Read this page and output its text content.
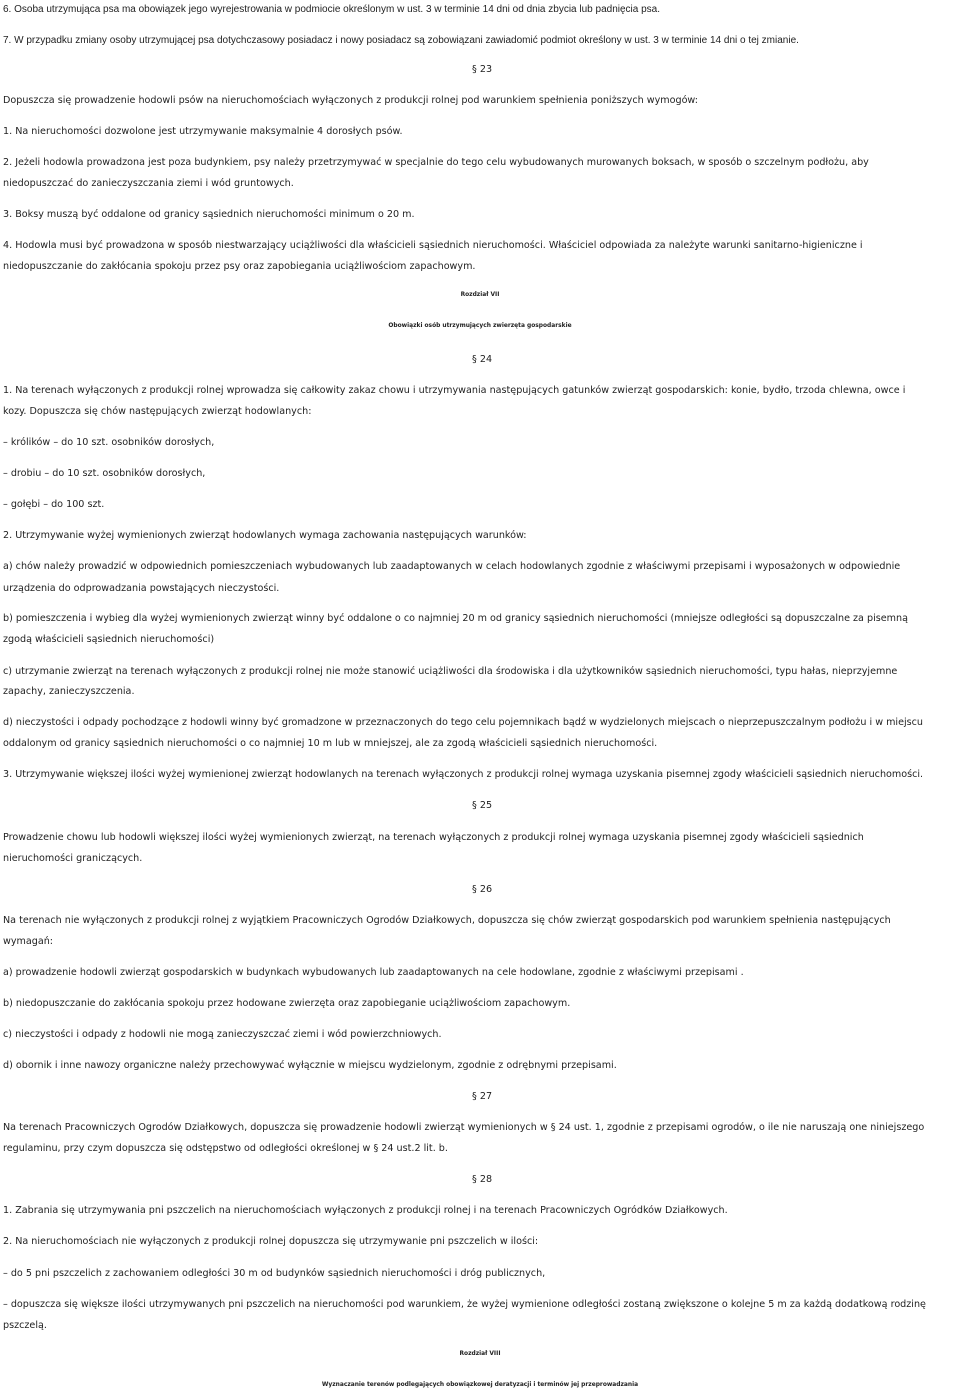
6. Osoba utrzymująca psa ma obowiązek jego wyrejestrowania w podmiocie określonym w ust. 3 w terminie 14 dni od dnia zbycia lub padnięcia psa.
7. W przypadku zmiany osoby utrzymującej psa dotychczasowy posiadacz i nowy posiadacz są zobowiązani zawiadomić podmiot określony w ust. 3 w terminie 14 dni o tej zmianie.
§ 23
Dopuszcza się prowadzenie hodowli psów na nieruchomościach wyłączonych z produkcji rolnej pod warunkiem spełnienia poniższych wymogów:
1. Na nieruchomości dozwolone jest utrzymywanie maksymalnie 4 dorosłych psów.
2. Jeżeli hodowla prowadzona jest poza budynkiem, psy należy przetrzymywać w specjalnie do tego celu wybudowanych murowanych boksach, w sposób o szczelnym podłożu, aby
niedopuszczać do zanieczyszczania ziemi i wód gruntowych.
3. Boksy muszą być oddalone od granicy sąsiednich nieruchomości minimum o 20 m.
4. Hodowla musi być prowadzona w sposób niestwarzający uciążliwości dla właścicieli sąsiednich nieruchomości. Właściciel odpowiada za należyte warunki sanitarno-higieniczne i
niedopuszczanie do zakłócania spokoju przez psy oraz zapobiegania uciążliwościom zapachowym.
Rozdział VII
Obowiązki osób utrzymujących zwierzęta gospodarskie
§ 24
1. Na terenach wyłączonych z produkcji rolnej wprowadza się całkowity zakaz chowu i utrzymywania następujących gatunków zwierząt gospodarskich: konie, bydło, trzoda chlewna, owce i
kozy. Dopuszcza się chów następujących zwierząt hodowlanych:
– królików – do 10 szt. osobników dorosłych,
– drobiu – do 10 szt. osobników dorosłych,
– gołębi – do 100 szt.
2. Utrzymywanie wyżej wymienionych zwierząt hodowlanych wymaga zachowania następujących warunków:
a) chów należy prowadzić w odpowiednich pomieszczeniach wybudowanych lub zaadaptowanych w celach hodowlanych zgodnie z właściwymi przepisami i wyposażonych w odpowiednie
urządzenia do odprowadzania powstających nieczystości.
b) pomieszczenia i wybieg dla wyżej wymienionych zwierząt winny być oddalone o co najmniej 20 m od granicy sąsiednich nieruchomości (mniejsze odległości są dopuszczalne za pisemną
zgodą właścicieli sąsiednich nieruchomości)
c) utrzymanie zwierząt na terenach wyłączonych z produkcji rolnej nie może stanowić uciążliwości dla środowiska i dla użytkowników sąsiednich nieruchomości, typu hałas, nieprzyjemne
zapachy, zanieczyszczenia.
d) nieczystości i odpady pochodzące z hodowli winny być gromadzone w przeznaczonych do tego celu pojemnikach bądź w wydzielonych miejscach o nieprzepuszczalnym podłożu i w miejscu
oddalonym od granicy sąsiednich nieruchomości o co najmniej 10 m lub w mniejszej, ale za zgodą właścicieli sąsiednich nieruchomości.
3. Utrzymywanie większej ilości wyżej wymienionej zwierząt hodowlanych na terenach wyłączonych z produkcji rolnej wymaga uzyskania pisemnej zgody właścicieli sąsiednich nieruchomości.
§ 25
Prowadzenie chowu lub hodowli większej ilości wyżej wymienionych zwierząt, na terenach wyłączonych z produkcji rolnej wymaga uzyskania pisemnej zgody właścicieli sąsiednich
nieruchomości graniczących.
§ 26
Na terenach nie wyłączonych z produkcji rolnej z wyjątkiem Pracowniczych Ogrodów Działkowych, dopuszcza się chów zwierząt gospodarskich pod warunkiem spełnienia następujących
wymagań:
a) prowadzenie hodowli zwierząt gospodarskich w budynkach wybudowanych lub zaadaptowanych na cele hodowlane, zgodnie z właściwymi przepisami .
b) niedopuszczanie do zakłócania spokoju przez hodowane zwierzęta oraz zapobieganie uciążliwościom zapachowym.
c) nieczystości i odpady z hodowli nie mogą zanieczyszczać ziemi i wód powierzchniowych.
d) obornik i inne nawozy organiczne należy przechowywać wyłącznie w miejscu wydzielonym, zgodnie z odrębnymi przepisami.
§ 27
Na terenach Pracowniczych Ogrodów Działkowych, dopuszcza się prowadzenie hodowli zwierząt wymienionych w § 24 ust. 1, zgodnie z przepisami ogrodów, o ile nie naruszają one niniejszego
regulaminu, przy czym dopuszcza się odstępstwo od odległości określonej w § 24 ust.2 lit. b.
§ 28
1. Zabrania się utrzymywania pni pszczelich na nieruchomościach wyłączonych z produkcji rolnej i na terenach Pracowniczych Ogródków Działkowych.
2. Na nieruchomościach nie wyłączonych z produkcji rolnej dopuszcza się utrzymywanie pni pszczelich w ilości:
– do 5 pni pszczelich z zachowaniem odległości 30 m od budynków sąsiednich nieruchomości i dróg publicznych,
– dopuszcza się większe ilości utrzymywanych pni pszczelich na nieruchomości pod warunkiem, że wyżej wymienione odległości zostaną zwiększone o kolejne 5 m za każdą dodatkową rodzinę
pszczelą.
Rozdział VIII
Wyznaczanie terenów podlegających obowiązkowej deratyzacji i terminów jej przeprowadzania
